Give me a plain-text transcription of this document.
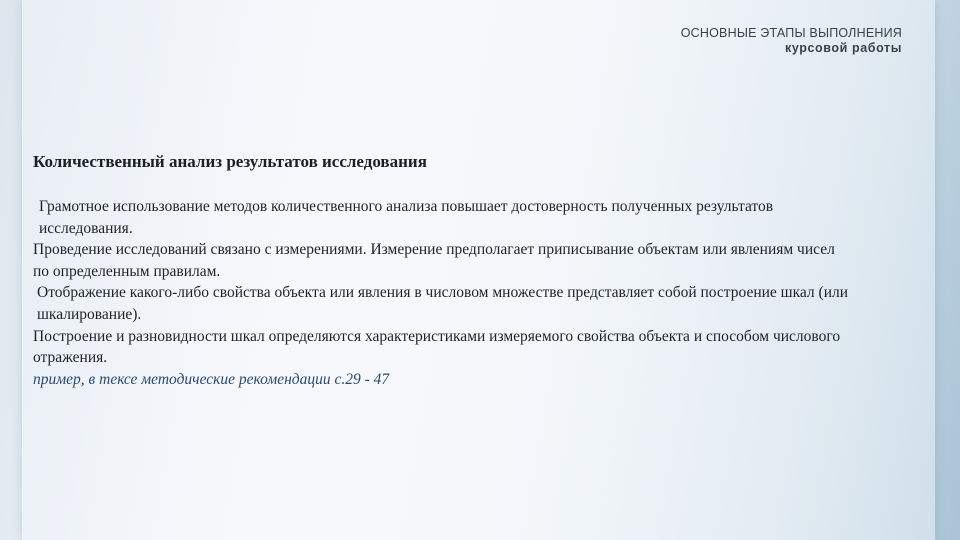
ОСНОВНЫЕ ЭТАПЫ ВЫПОЛНЕНИЯ
курсовой работы
Количественный анализ результатов исследования

Грамотное использование методов количественного анализа повышает достоверность полученных результатов исследования.

Проведение исследований связано с измерениями. Измерение предполагает приписывание объектам или явлениям чисел по определенным правилам.

Отображение какого-либо свойства объекта или явления в числовом множестве представляет собой построение шкал (или шкалирование).

Построение и разновидности шкал определяются характеристиками измеряемого свойства объекта и способом числового отражения.

пример, в тексе методические рекомендации с.29 - 47
